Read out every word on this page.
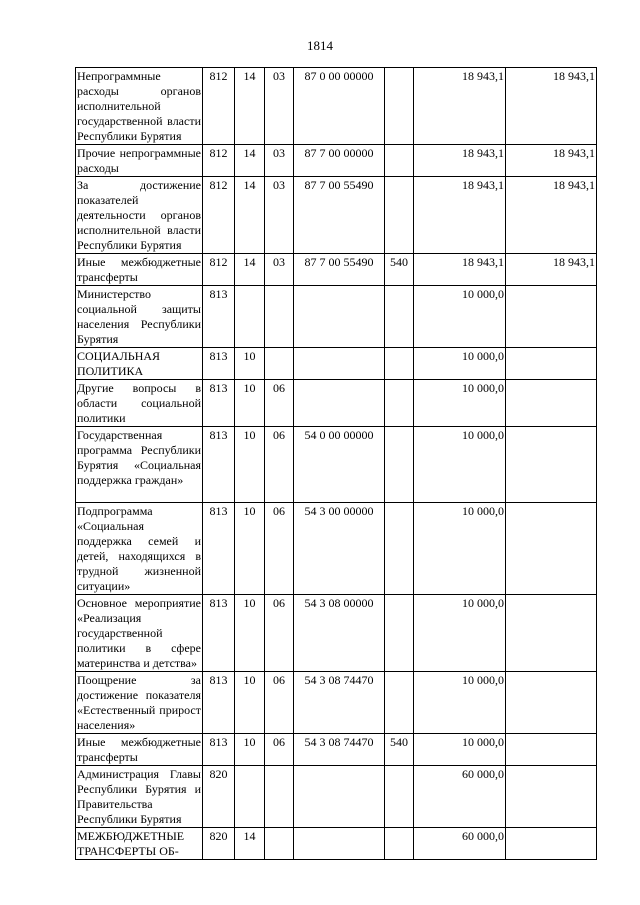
1814
Непрограммные расходы органов исполнительной государственной власти Республики Бурятия	812	14	03	87 0 00 00000		18 943,1	18 943,1
Прочие непрограммные расходы	812	14	03	87 7 00 00000		18 943,1	18 943,1
За достижение показателей деятельности органов исполнительной власти Республики Бурятия	812	14	03	87 7 00 55490		18 943,1	18 943,1
Иные межбюджетные трансферты	812	14	03	87 7 00 55490	540	18 943,1	18 943,1
Министерство социальной защиты населения Республики Бурятия	813					10 000,0	
СОЦИАЛЬНАЯ ПОЛИТИКА	813	10				10 000,0	
Другие вопросы в области социальной политики	813	10	06			10 000,0	
Государственная программа Республики Бурятия «Социальная поддержка граждан»	813	10	06	54 0 00 00000		10 000,0	
Подпрограмма «Социальная поддержка семей и детей, находящихся в трудной жизненной ситуации»	813	10	06	54 3 00 00000		10 000,0	
Основное мероприятие «Реализация государственной политики в сфере материнства и детства»	813	10	06	54 3 08 00000		10 000,0	
Поощрение за достижение показателя «Естественный прирост населения»	813	10	06	54 3 08 74470		10 000,0	
Иные межбюджетные трансферты	813	10	06	54 3 08 74470	540	10 000,0	
Администрация Главы Республики Бурятия и Правительства Республики Бурятия	820					60 000,0	
МЕЖБЮДЖЕТНЫЕ ТРАНСФЕРТЫ ОБ-	820	14				60 000,0	
